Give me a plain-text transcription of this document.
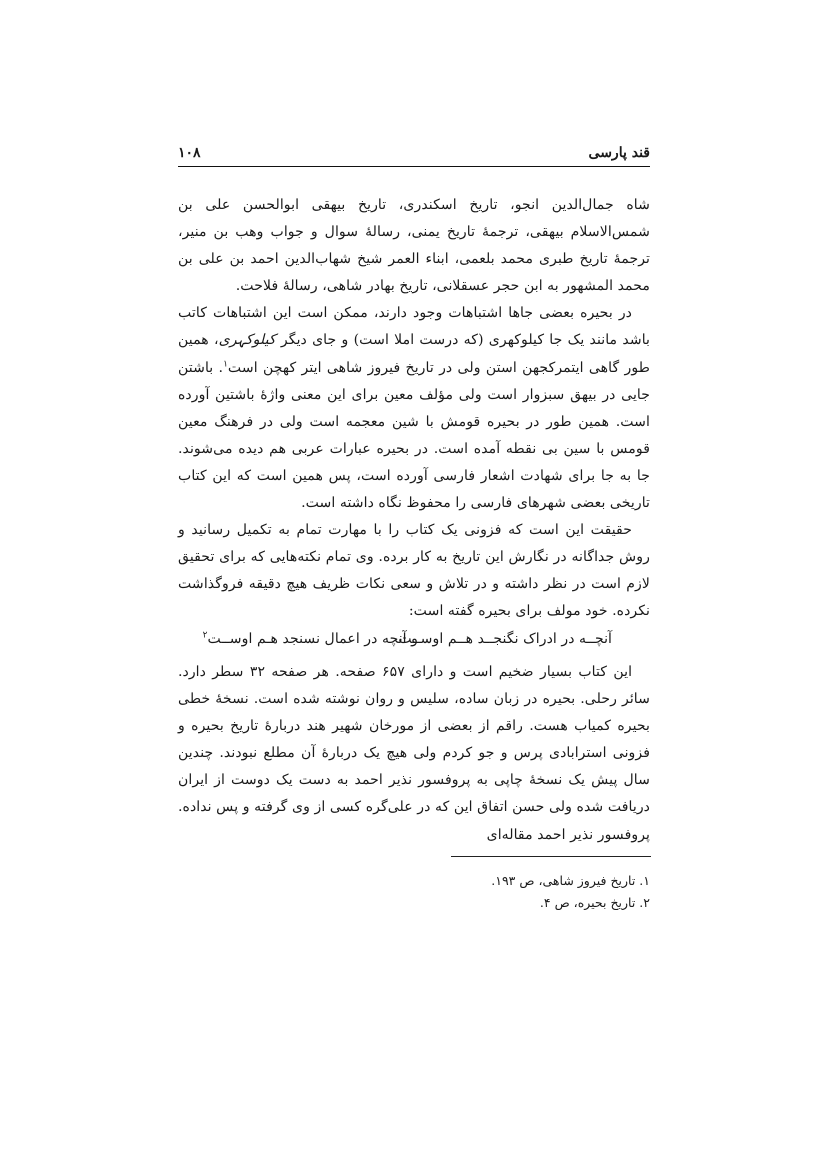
قند پارسی
۱۰۸

شاه جمال‌الدین انجو، تاریخ اسکندری، تاریخ بیهقی ابوالحسن علی بن شمس‌الاسلام بیهقی، ترجمهٔ تاریخ یمنی، رسالهٔ سوال و جواب وهب بن منیر، ترجمهٔ تاریخ طبری محمد بلعمی، ابناء العمر شیخ شهاب‌الدین احمد بن علی بن محمد المشهور به ابن حجر عسقلانی، تاریخ بهادر شاهی، رسالهٔ فلاحت.

در بحیره بعضی جاها اشتباهات وجود دارند، ممکن است این اشتباهات کاتب باشد مانند یک جا کیلوکهری (که درست املا است) و جای دیگر کیلوکہری، همین طور گاهی ایتمرکجهن استن ولی در تاریخ فیروز شاهی ایتر کهچن است$^۱$. باشتن جایی در بیهق سبزوار است ولی مؤلف معین برای این معنی واژهٔ باشتین آورده است. همین طور در بحیره قومش با شین معجمه است ولی در فرهنگ معین قومس با سین بی نقطه آمده است. در بحیره عبارات عربی هم دیده می‌شوند. جا به جا برای شهادت اشعار فارسی آورده است، پس همین است که این کتاب تاریخی بعضی شهرهای فارسی را محفوظ نگاه داشته است.

حقیقت این است که فزونی یک کتاب را با مهارت تمام به تکمیل رسانید و روش جداگانه در نگارش این تاریخ به کار برده. وی تمام نکته‌هایی که برای تحقیق لازم است در نظر داشته و در تلاش و سعی نکات ظریف هیچ دقیقه فروگذاشت نکرده. خود مولف برای بحیره گفته است:

آنچــه در ادراک نگنجــد هــم اوســت
و آنچه در اعمال نسنجد هـم اوســت$^۲$

این کتاب بسیار ضخیم است و دارای ۶۵۷ صفحه. هر صفحه ۳۲ سطر دارد. سائر رحلی. بحیره در زبان ساده، سلیس و روان نوشته شده است. نسخهٔ خطی بحیره کمیاب هست. راقم از بعضی از مورخان شهیر هند دربارهٔ تاریخ بحیره و فزونی استرابادی پرس و جو کردم ولی هیچ یک دربارهٔ آن مطلع نبودند. چندین سال پیش یک نسخهٔ چاپی به پروفسور نذیر احمد به دست یک دوست از ایران دریافت شده ولی حسن اتفاق این که در علی‌گره کسی از وی گرفته و پس نداده. پروفسور نذیر احمد مقاله‌ای

۱. تاریخ فیروز شاهی، ص ۱۹۳.
۲. تاریخ بحیره، ص ۴.
